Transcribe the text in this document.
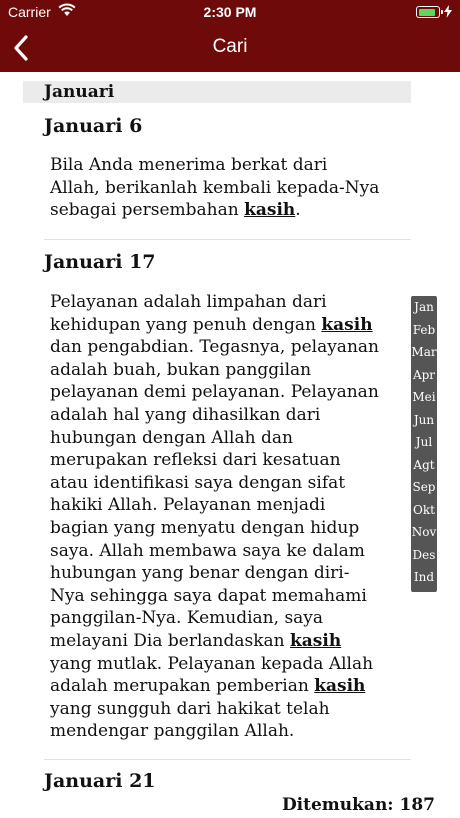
Carrier	2:30 PM
Cari
Januari
Januari 6
Bila Anda menerima berkat dari Allah, berikanlah kembali kepada-Nya sebagai persembahan kasih.
Januari 17
Pelayanan adalah limpahan dari kehidupan yang penuh dengan kasih dan pengabdian. Tegasnya, pelayanan adalah buah, bukan panggilan pelayanan demi pelayanan. Pelayanan adalah hal yang dihasilkan dari hubungan dengan Allah dan merupakan refleksi dari kesatuan atau identifikasi saya dengan sifat hakiki Allah. Pelayanan menjadi bagian yang menyatu dengan hidup saya. Allah membawa saya ke dalam hubungan yang benar dengan diri-Nya sehingga saya dapat memahami panggilan-Nya. Kemudian, saya melayani Dia berlandaskan kasih yang mutlak. Pelayanan kepada Allah adalah merupakan pemberian kasih yang sungguh dari hakikat telah mendengar panggilan Allah.
Januari 21
Jan
Feb
Mar
Apr
Mei
Jun
Jul
Agt
Sep
Okt
Nov
Des
Ind
Ditemukan: 187
